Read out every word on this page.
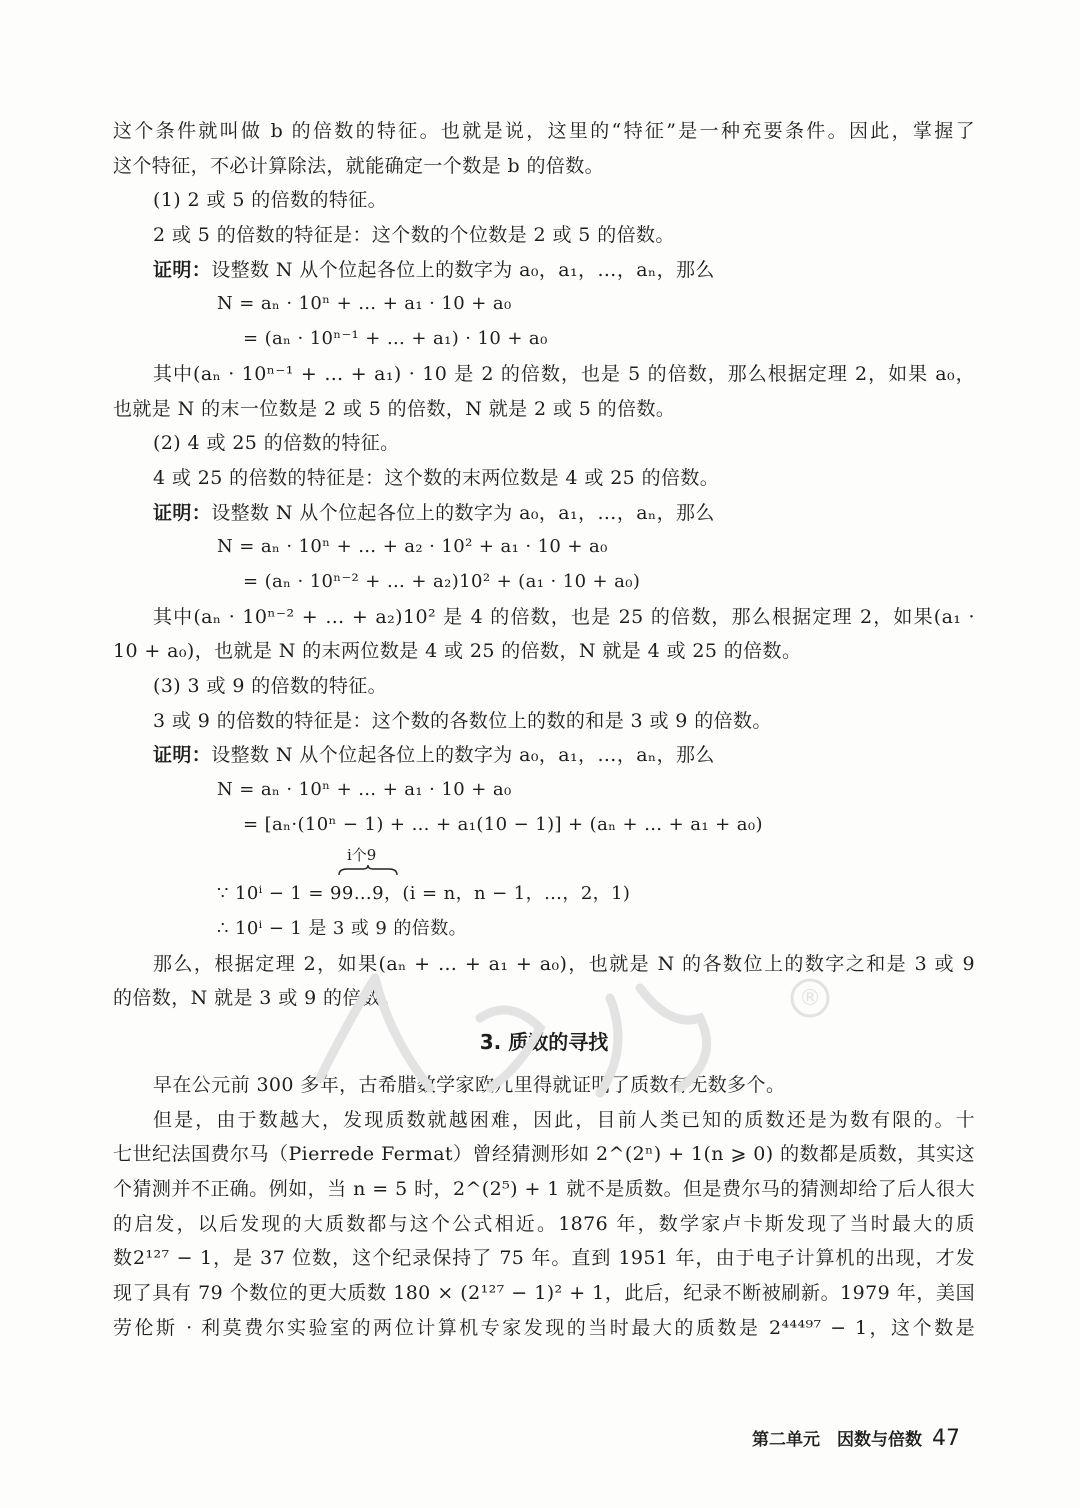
这个条件就叫做 b 的倍数的特征。也就是说，这里的“特征”是一种充要条件。因此，掌握了
这个特征，不必计算除法，就能确定一个数是 b 的倍数。
(1) 2 或 5 的倍数的特征。
2 或 5 的倍数的特征是：这个数的个位数是 2 或 5 的倍数。
证明：设整数 N 从个位起各位上的数字为 a₀，a₁，…，aₙ，那么
N = aₙ · 10ⁿ + … + a₁ · 10 + a₀
= (aₙ · 10ⁿ⁻¹ + … + a₁) · 10 + a₀
其中(aₙ · 10ⁿ⁻¹ + … + a₁) · 10 是 2 的倍数，也是 5 的倍数，那么根据定理 2，如果 a₀，
也就是 N 的末一位数是 2 或 5 的倍数，N 就是 2 或 5 的倍数。
(2) 4 或 25 的倍数的特征。
4 或 25 的倍数的特征是：这个数的末两位数是 4 或 25 的倍数。
证明：设整数 N 从个位起各位上的数字为 a₀，a₁，…，aₙ，那么
N = aₙ · 10ⁿ + … + a₂ · 10² + a₁ · 10 + a₀
= (aₙ · 10ⁿ⁻² + … + a₂)10² + (a₁ · 10 + a₀)
其中(aₙ · 10ⁿ⁻² + … + a₂)10² 是 4 的倍数，也是 25 的倍数，那么根据定理 2，如果(a₁ ·
10 + a₀)，也就是 N 的末两位数是 4 或 25 的倍数，N 就是 4 或 25 的倍数。
(3) 3 或 9 的倍数的特征。
3 或 9 的倍数的特征是：这个数的各数位上的数的和是 3 或 9 的倍数。
证明：设整数 N 从个位起各位上的数字为 a₀，a₁，…，aₙ，那么
N = aₙ · 10ⁿ + … + a₁ · 10 + a₀
= [aₙ·(10ⁿ − 1) + … + a₁(10 − 1)] + (aₙ + … + a₁ + a₀)
i个9
∵ 10ⁱ − 1 = 99…9，(i = n，n − 1，…，2，1)
∴ 10ⁱ − 1 是 3 或 9 的倍数。
那么，根据定理 2，如果(aₙ + … + a₁ + a₀)，也就是 N 的各数位上的数字之和是 3 或 9
的倍数，N 就是 3 或 9 的倍数。
3. 质数的寻找
早在公元前 300 多年，古希腊数学家欧几里得就证明了质数有无数多个。
但是，由于数越大，发现质数就越困难，因此，目前人类已知的质数还是为数有限的。十
七世纪法国费尔马（Pierrede Fermat）曾经猜测形如 2^(2ⁿ) + 1(n ⩾ 0) 的数都是质数，其实这
个猜测并不正确。例如，当 n = 5 时，2^(2⁵) + 1 就不是质数。但是费尔马的猜测却给了后人很大
的启发，以后发现的大质数都与这个公式相近。1876 年，数学家卢卡斯发现了当时最大的质
数2¹²⁷ − 1，是 37 位数，这个纪录保持了 75 年。直到 1951 年，由于电子计算机的出现，才发
现了具有 79 个数位的更大质数 180 × (2¹²⁷ − 1)² + 1，此后，纪录不断被刷新。1979 年，美国
劳伦斯 · 利莫费尔实验室的两位计算机专家发现的当时最大的质数是 2⁴⁴⁴⁹⁷ − 1，这个数是
®
第二单元　因数与倍数 47
